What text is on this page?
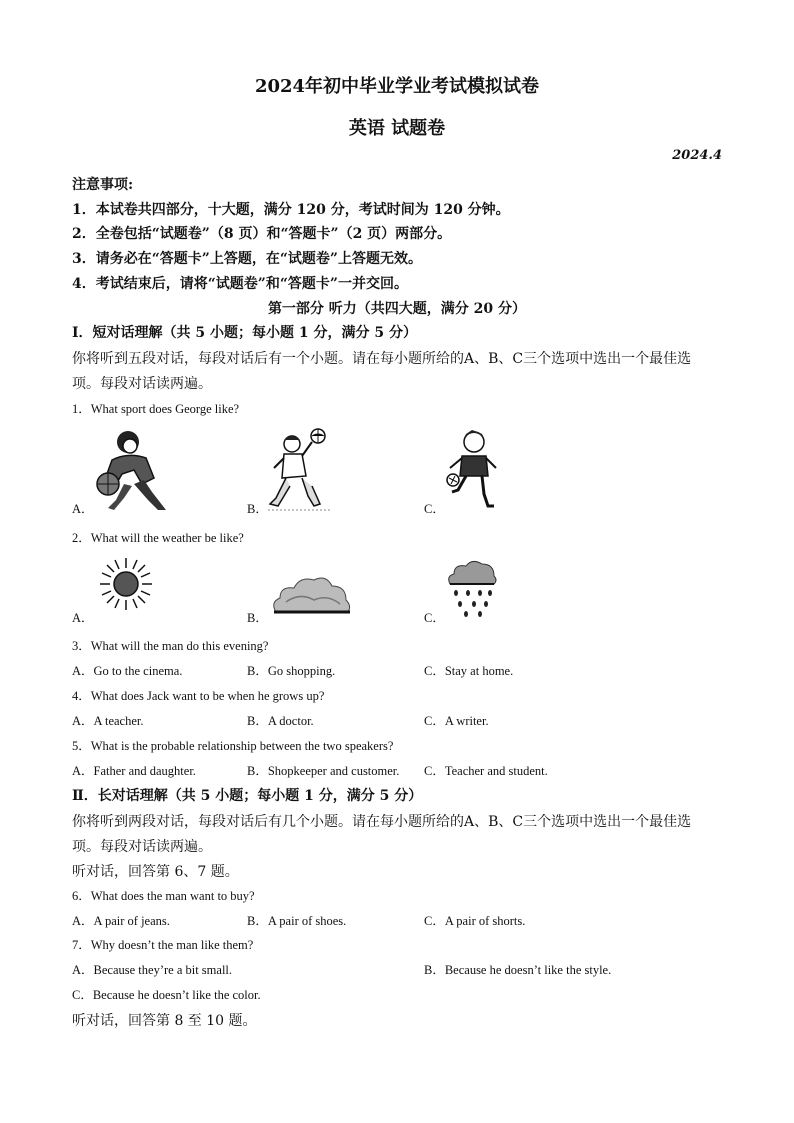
2024年初中毕业学业考试模拟试卷
英语 试题卷
2024.4
注意事项:
1．本试卷共四部分，十大题，满分 120 分，考试时间为 120 分钟。
2．全卷包括“试题卷”（8 页）和“答题卡”（2 页）两部分。
3．请务必在“答题卡”上答题，在“试题卷”上答题无效。
4．考试结束后，请将“试题卷”和“答题卡”一并交回。
第一部分 听力（共四大题，满分 20 分）
Ⅰ．短对话理解（共 5 小题；每小题 1 分，满分 5 分）
你将听到五段对话，每段对话后有一个小题。请在每小题所给的A、B、C三个选项中选出一个最佳选
项。每段对话读两遍。
1．What sport does George like?
A．	B．	C．
2．What will the weather be like?
A．	B．	C．
3．What will the man do this evening?
A．Go to the cinema.	B．Go shopping.	C．Stay at home.
4．What does Jack want to be when he grows up?
A．A teacher.	B．A doctor.	C．A writer.
5．What is the probable relationship between the two speakers?
A．Father and daughter.	B．Shopkeeper and customer. C．Teacher and student.
Ⅱ．长对话理解（共 5 小题；每小题 1 分，满分 5 分）
你将听到两段对话，每段对话后有几个小题。请在每小题所给的A、B、C三个选项中选出一个最佳选
项。每段对话读两遍。
听对话，回答第 6、7 题。
6．What does the man want to buy?
A．A pair of jeans.	B．A pair of shoes.	C．A pair of shorts.
7．Why doesn’t the man like them?
A．Because they’re a bit small.	B．Because he doesn’t like the style.
C．Because he doesn’t like the color.
听对话，回答第 8 至 10 题。
